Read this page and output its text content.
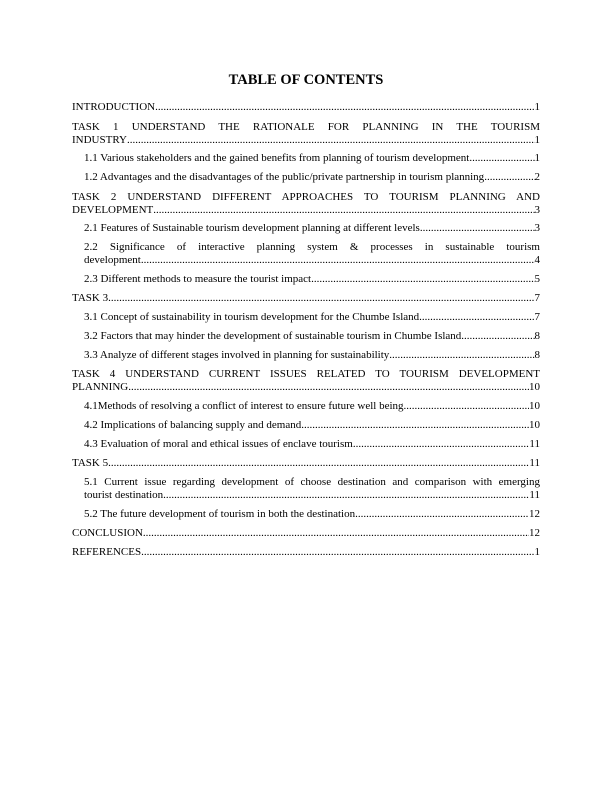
TABLE OF CONTENTS
INTRODUCTION .....	1
TASK 1 UNDERSTAND THE RATIONALE FOR PLANNING IN THE TOURISM
INDUSTRY .....	1
1.1 Various stakeholders and the gained benefits from planning of tourism development .....	1
1.2 Advantages and the disadvantages of the public/private partnership in tourism planning .....	2
TASK 2 UNDERSTAND DIFFERENT APPROACHES TO TOURISM PLANNING AND
DEVELOPMENT .....	3
2.1 Features of Sustainable tourism development planning at different levels .....	3
2.2 Significance of interactive planning system & processes in sustainable tourism
development .....	4
2.3 Different methods to measure the tourist impact .....	5
TASK 3 .....	7
3.1 Concept of sustainability in tourism development for the Chumbe Island .....	7
3.2 Factors that may hinder the development of sustainable tourism in Chumbe Island .....	8
3.3 Analyze of different stages involved in planning for sustainability .....	8
TASK 4 UNDERSTAND CURRENT ISSUES RELATED TO TOURISM DEVELOPMENT
PLANNING .....	10
4.1Methods of resolving a conflict of interest to ensure future well being .....	10
4.2 Implications of balancing supply and demand .....	10
4.3 Evaluation of moral and ethical issues of enclave tourism .....	11
TASK 5 .....	11
5.1 Current issue regarding development of choose destination and comparison with emerging
tourist destination .....	11
5.2 The future development of tourism in both the destination .....	12
CONCLUSION .....	12
REFERENCES .....	1
